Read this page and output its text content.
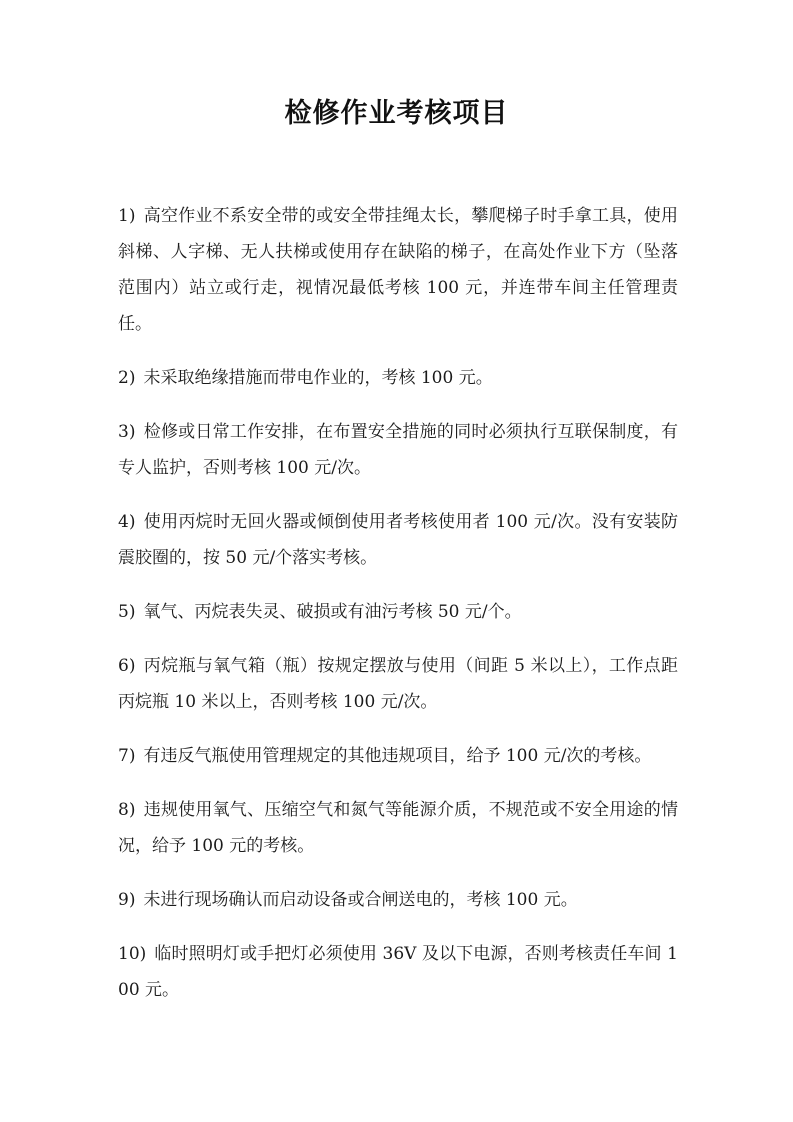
检修作业考核项目
1) 高空作业不系安全带的或安全带挂绳太长，攀爬梯子时手拿工具，使用斜梯、人字梯、无人扶梯或使用存在缺陷的梯子，在高处作业下方（坠落范围内）站立或行走，视情况最低考核 100 元，并连带车间主任管理责任。
2) 未采取绝缘措施而带电作业的，考核 100 元。
3) 检修或日常工作安排，在布置安全措施的同时必须执行互联保制度，有专人监护，否则考核 100 元/次。
4) 使用丙烷时无回火器或倾倒使用者考核使用者 100 元/次。没有安装防震胶圈的，按 50 元/个落实考核。
5) 氧气、丙烷表失灵、破损或有油污考核 50 元/个。
6) 丙烷瓶与氧气箱（瓶）按规定摆放与使用（间距 5 米以上），工作点距丙烷瓶 10 米以上，否则考核 100 元/次。
7) 有违反气瓶使用管理规定的其他违规项目，给予 100 元/次的考核。
8) 违规使用氧气、压缩空气和氮气等能源介质，不规范或不安全用途的情况，给予 100 元的考核。
9) 未进行现场确认而启动设备或合闸送电的，考核 100 元。
10) 临时照明灯或手把灯必须使用 36V 及以下电源，否则考核责任车间 100 元。
